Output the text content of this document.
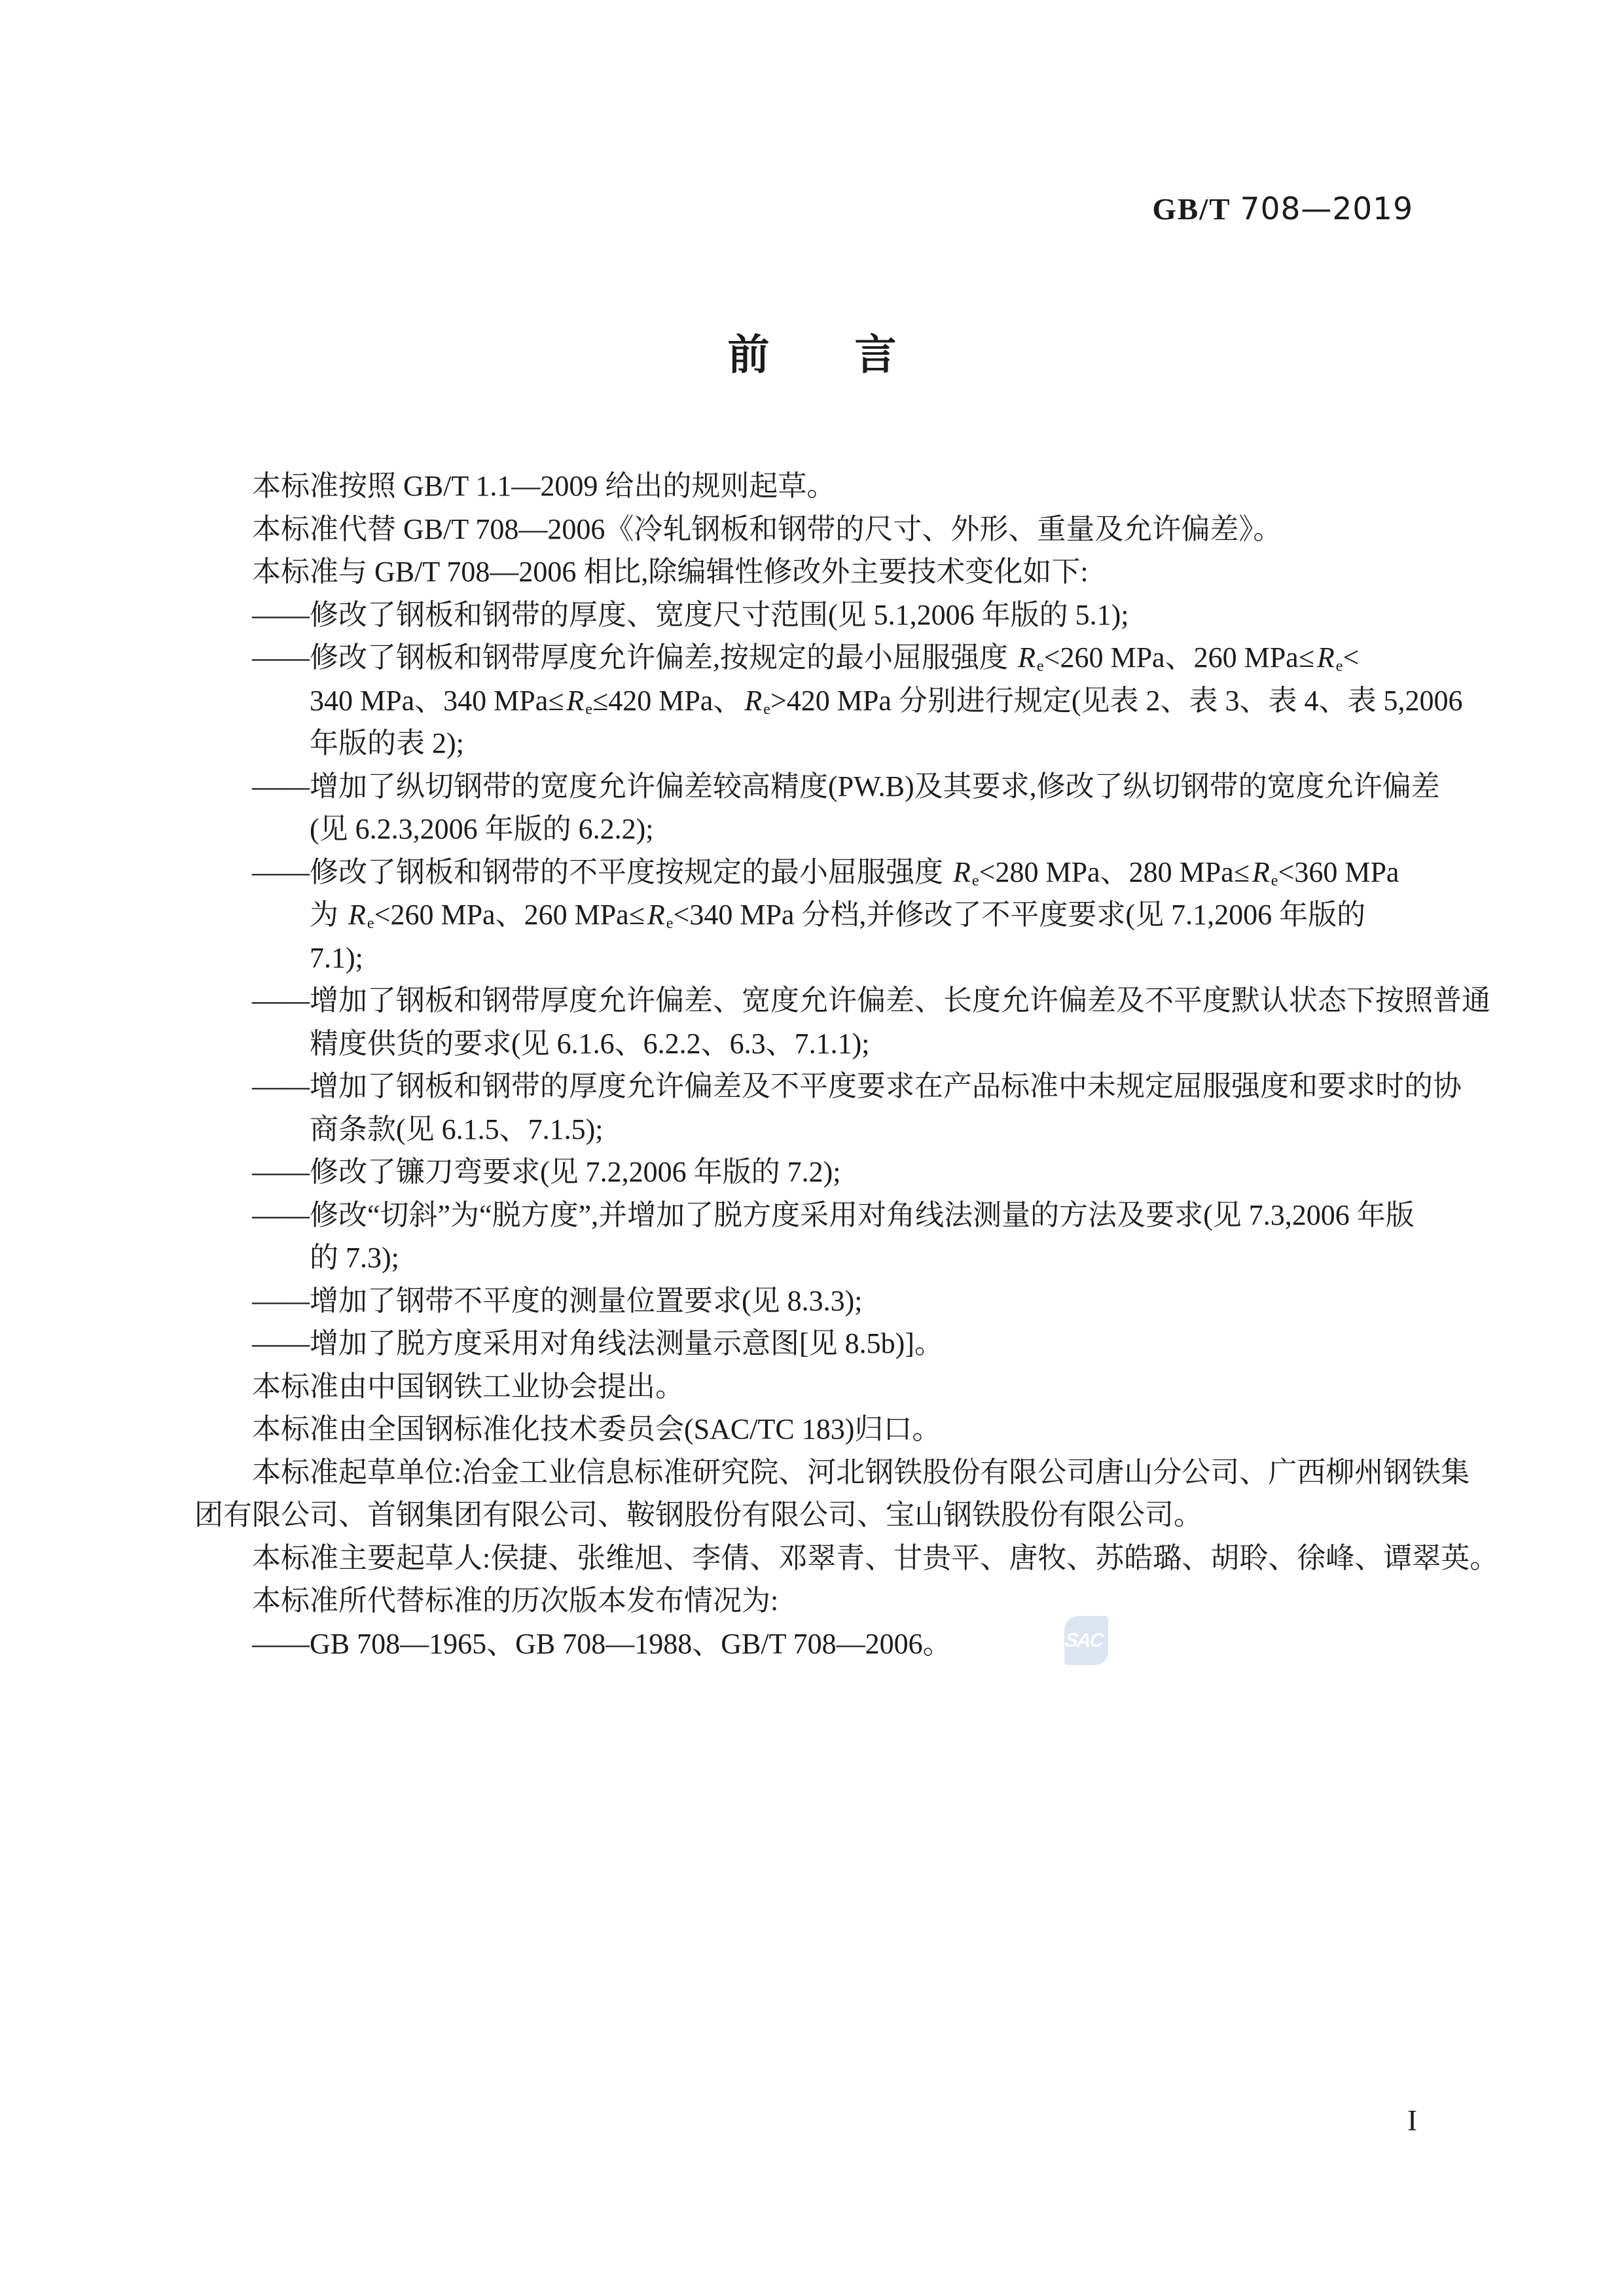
GB/T 708—2019
前 言
本标准按照 GB/T 1.1—2009 给出的规则起草。
本标准代替 GB/T 708—2006《冷轧钢板和钢带的尺寸、外形、重量及允许偏差》。
本标准与 GB/T 708—2006 相比,除编辑性修改外主要技术变化如下:
——修改了钢板和钢带的厚度、宽度尺寸范围(见 5.1,2006 年版的 5.1);
——修改了钢板和钢带厚度允许偏差,按规定的最小屈服强度 $R_e<260$ MPa、260 $MPa\le R_e<$
340 MPa、340 $MPa\le R_e\le 420$ MPa、$R_e>420$ MPa 分别进行规定(见表 2、表 3、表 4、表 5,2006
年版的表 2);
——增加了纵切钢带的宽度允许偏差较高精度(PW.B)及其要求,修改了纵切钢带的宽度允许偏差
(见 6.2.3,2006 年版的 6.2.2);
——修改了钢板和钢带的不平度按规定的最小屈服强度 $R_e<280$ MPa、280 $MPa\le R_e<360$ MPa
为 $R_e<260$ MPa、260 $MPa\le R_e<340$ MPa 分档,并修改了不平度要求(见 7.1,2006 年版的
7.1);
——增加了钢板和钢带厚度允许偏差、宽度允许偏差、长度允许偏差及不平度默认状态下按照普通
精度供货的要求(见 6.1.6、6.2.2、6.3、7.1.1);
——增加了钢板和钢带的厚度允许偏差及不平度要求在产品标准中未规定屈服强度和要求时的协
商条款(见 6.1.5、7.1.5);
——修改了镰刀弯要求(见 7.2,2006 年版的 7.2);
——修改“切斜”为“脱方度”,并增加了脱方度采用对角线法测量的方法及要求(见 7.3,2006 年版
的 7.3);
——增加了钢带不平度的测量位置要求(见 8.3.3);
——增加了脱方度采用对角线法测量示意图[见 8.5b)]。
本标准由中国钢铁工业协会提出。
本标准由全国钢标准化技术委员会(SAC/TC 183)归口。
本标准起草单位:冶金工业信息标准研究院、河北钢铁股份有限公司唐山分公司、广西柳州钢铁集
团有限公司、首钢集团有限公司、鞍钢股份有限公司、宝山钢铁股份有限公司。
本标准主要起草人:侯捷、张维旭、李倩、邓翠青、甘贵平、唐牧、苏皓璐、胡聆、徐峰、谭翠英。
本标准所代替标准的历次版本发布情况为:
——GB 708—1965、GB 708—1988、GB/T 708—2006。	SAC
I
